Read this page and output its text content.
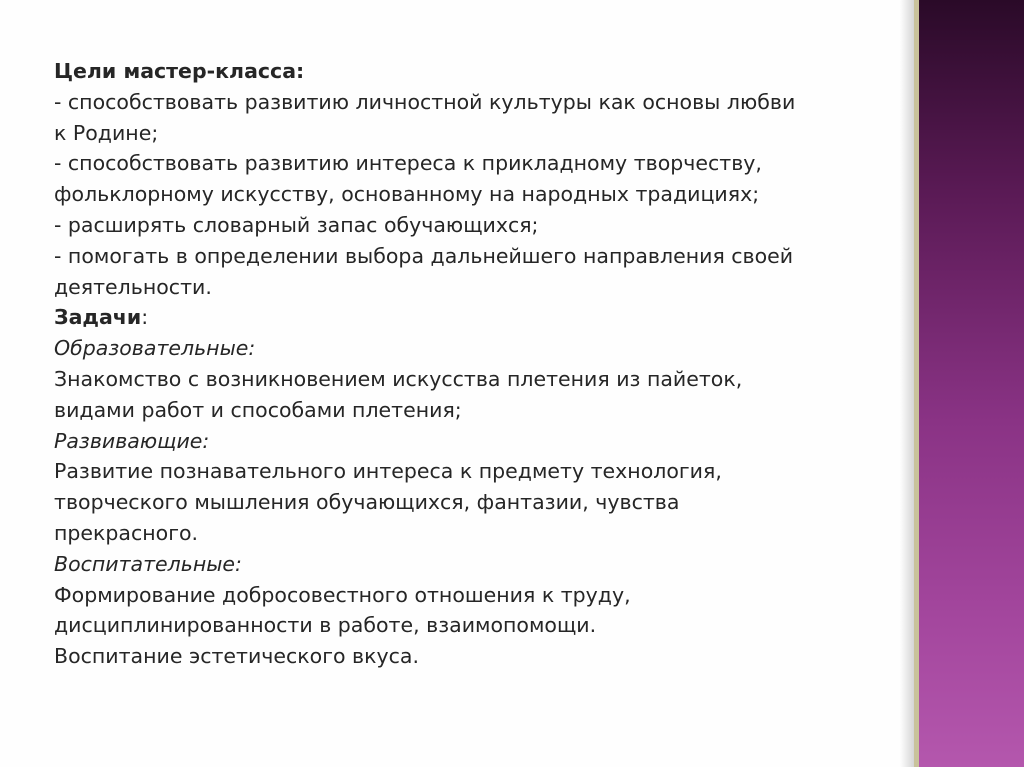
Цели мастер-класса:
- способствовать развитию личностной культуры как основы любви
к Родине;
- способствовать развитию интереса к прикладному творчеству,
фольклорному искусству, основанному на народных традициях;
- расширять словарный запас обучающихся;
- помогать в определении выбора дальнейшего направления своей
деятельности.
Задачи:
Образовательные:
Знакомство с возникновением искусства плетения из пайеток,
видами работ и способами плетения;
Развивающие:
Развитие познавательного интереса к предмету технология,
творческого мышления обучающихся, фантазии, чувства
прекрасного.
Воспитательные:
Формирование добросовестного отношения к труду,
дисциплинированности в работе, взаимопомощи.
Воспитание эстетического вкуса.
